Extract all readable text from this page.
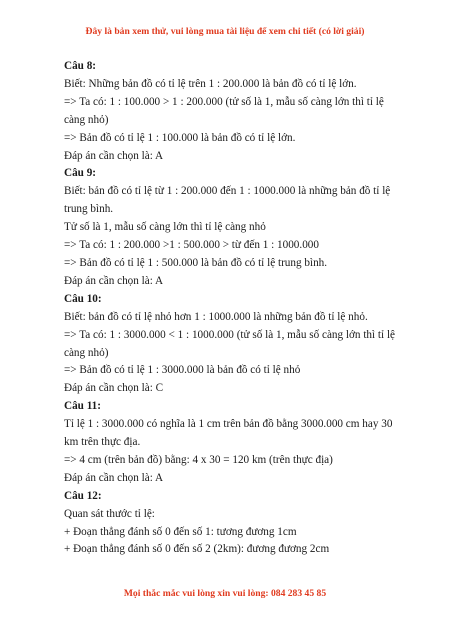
Đây là bản xem thử, vui lòng mua tài liệu để xem chi tiết (có lời giải)

Câu 8:

Biết: Những bản đồ có tỉ lệ trên 1 : 200.000 là bản đồ có tỉ lệ lớn.

=> Ta có: 1 : 100.000 > 1 : 200.000 (tử số là 1, mẫu số càng lớn thì tỉ lệ càng nhỏ)

=> Bản đồ có tỉ lệ 1 : 100.000 là bản đồ có tỉ lệ lớn.

Đáp án cần chọn là: A

Câu 9:

Biết: bản đồ có tỉ lệ từ 1 : 200.000 đến 1 : 1000.000 là những bản đồ tỉ lệ trung bình.

Tử số là 1, mẫu số càng lớn thì tỉ lệ càng nhỏ

=> Ta có: 1 : 200.000 >1 : 500.000 > từ đến 1 : 1000.000

=> Bản đồ có tỉ lệ 1 : 500.000 là bản đồ có tỉ lệ trung bình.

Đáp án cần chọn là: A

Câu 10:

Biết: bản đồ có tỉ lệ nhỏ hơn 1 : 1000.000 là những bản đồ tỉ lệ nhỏ.

=> Ta có: 1 : 3000.000 < 1 : 1000.000 (tử số là 1, mẫu số càng lớn thì tỉ lệ càng nhỏ)

=> Bản đồ có tỉ lệ 1 : 3000.000 là bản đồ có tỉ lệ nhỏ

Đáp án cần chọn là: C

Câu 11:

Tỉ lệ 1 : 3000.000 có nghĩa là 1 cm trên bản đồ bằng 3000.000 cm hay 30 km trên thực địa.

=> 4 cm (trên bản đồ) bằng: 4 x 30 = 120 km (trên thực địa)

Đáp án cần chọn là: A

Câu 12:

Quan sát thước tỉ lệ:

+ Đoạn thẳng đánh số 0 đến số 1: tương đương 1cm

+ Đoạn thẳng đánh số 0 đến số 2 (2km): đương đương 2cm

Mọi thắc mắc vui lòng xin vui lòng: 084 283 45 85
